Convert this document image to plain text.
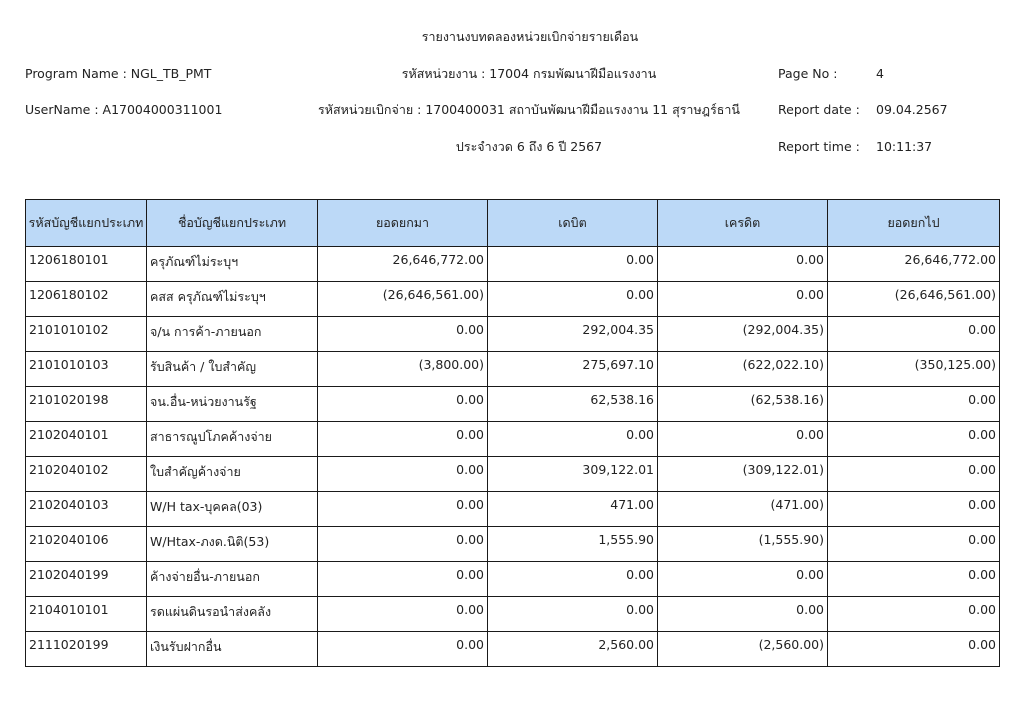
รายงานงบทดลองหน่วยเบิกจ่ายรายเดือน
Program Name : NGL_TB_PMT	รหัสหน่วยงาน : 17004 กรมพัฒนาฝีมือแรงงาน	Page No :	4
UserName : A17004000311001	รหัสหน่วยเบิกจ่าย : 1700400031 สถาบันพัฒนาฝีมือแรงงาน 11 สุราษฎร์ธานี	Report date : 09.04.2567
ประจำงวด 6 ถึง 6 ปี 2567	Report time : 10:11:37
รหัสบัญชีแยกประเภท	ชื่อบัญชีแยกประเภท	ยอดยกมา	เดบิต	เครดิต	ยอดยกไป
1206180101	ครุภัณฑ์ไม่ระบุฯ	26,646,772.00	0.00	0.00	26,646,772.00
1206180102	คสส ครุภัณฑ์ไม่ระบุฯ	(26,646,561.00)	0.00	0.00	(26,646,561.00)
2101010102	จ/น การค้า-ภายนอก	0.00	292,004.35	(292,004.35)	0.00
2101010103	รับสินค้า / ใบสำคัญ	(3,800.00)	275,697.10	(622,022.10)	(350,125.00)
2101020198	จน.อื่น-หน่วยงานรัฐ	0.00	62,538.16	(62,538.16)	0.00
2102040101	สาธารณูปโภคค้างจ่าย	0.00	0.00	0.00	0.00
2102040102	ใบสำคัญค้างจ่าย	0.00	309,122.01	(309,122.01)	0.00
2102040103	W/H tax-บุคคล(03)	0.00	471.00	(471.00)	0.00
2102040106	W/Htax-ภงด.นิติ(53)	0.00	1,555.90	(1,555.90)	0.00
2102040199	ค้างจ่ายอื่น-ภายนอก	0.00	0.00	0.00	0.00
2104010101	รดแผ่นดินรอนำส่งคลัง	0.00	0.00	0.00	0.00
2111020199	เงินรับฝากอื่น	0.00	2,560.00	(2,560.00)	0.00
